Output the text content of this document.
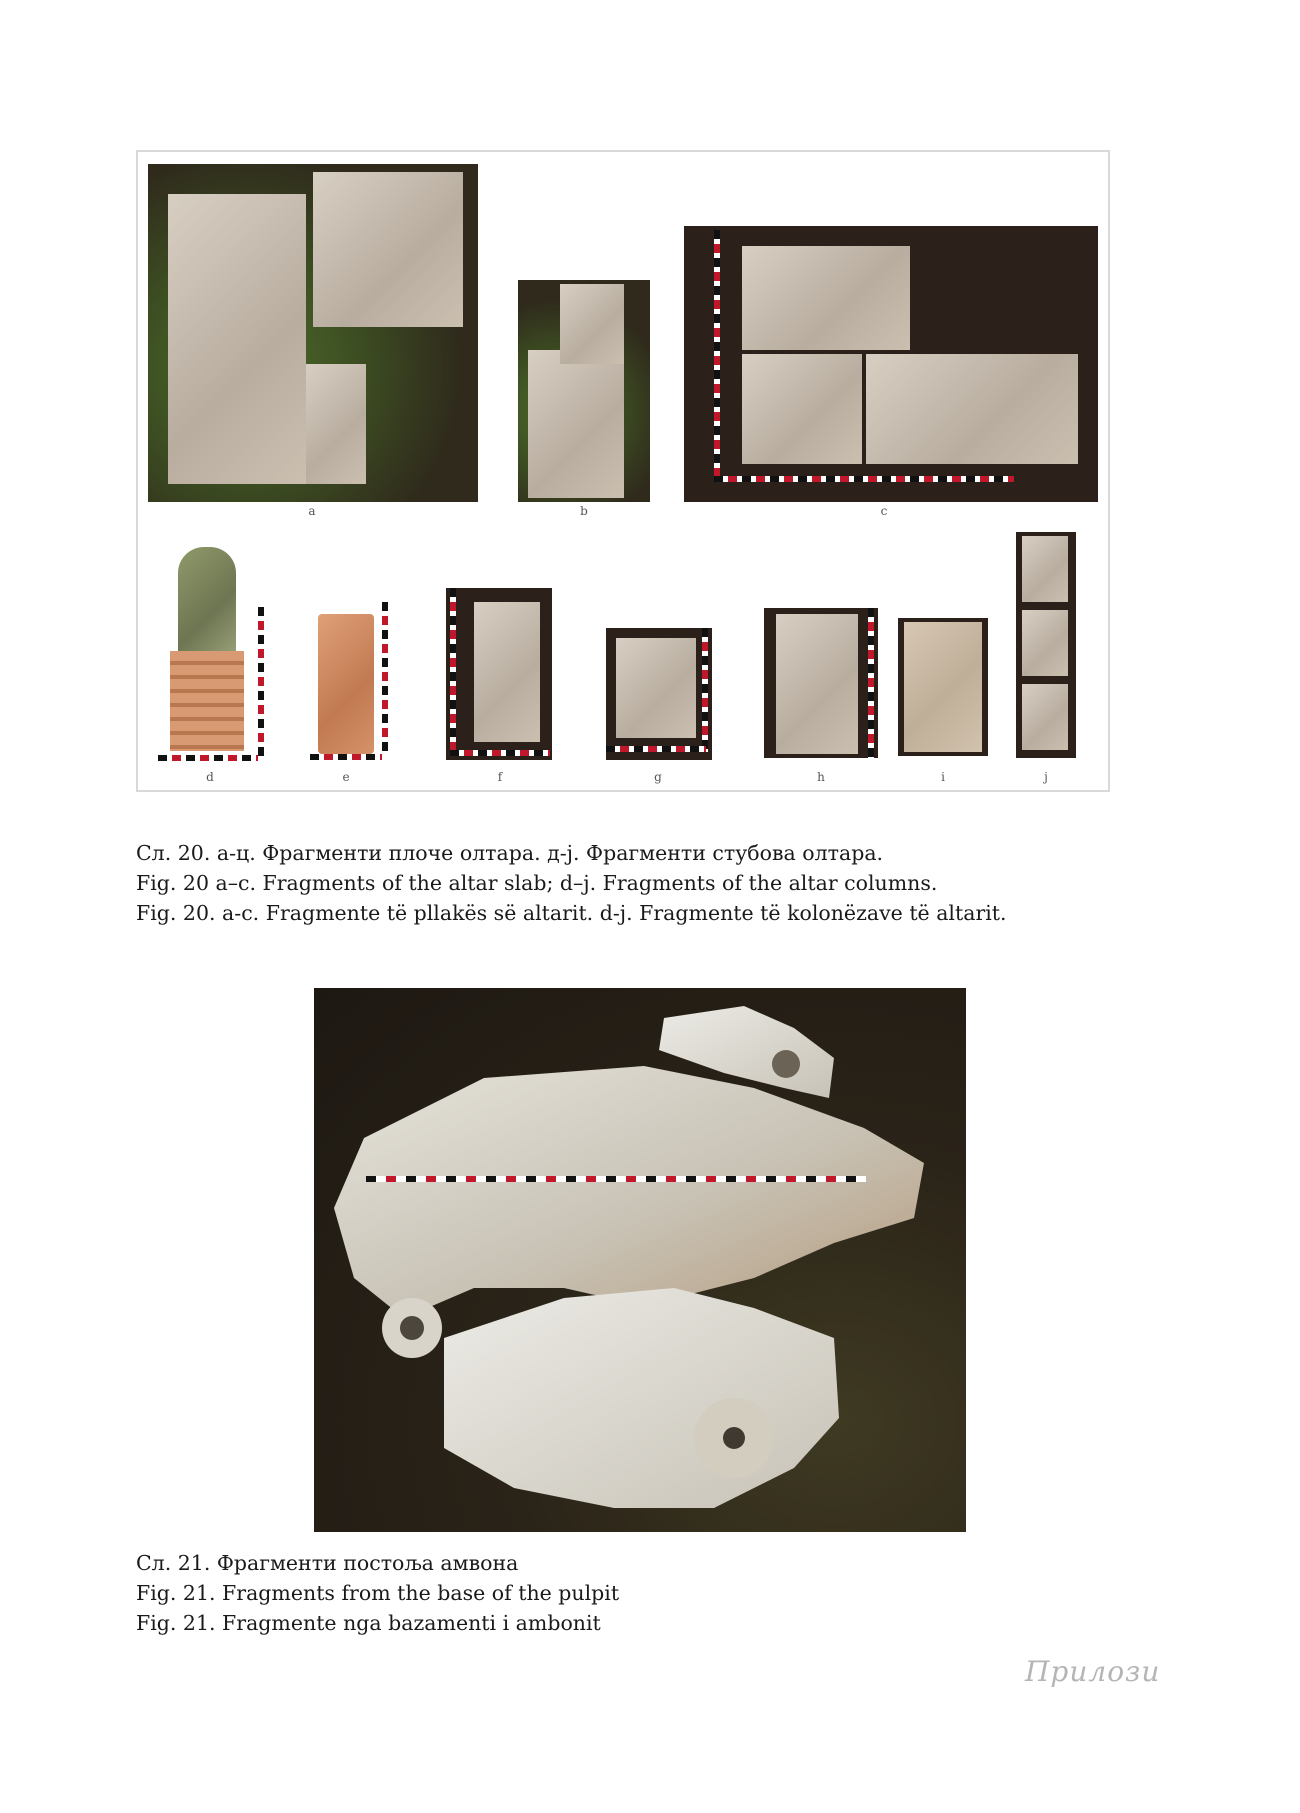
a	b	c
d	e	f	g	h	i	j
Сл. 20. а-ц. Фрагменти плоче олтара. д-ј. Фрагменти стубова олтара.
Fig. 20 a–c. Fragments of the altar slab; d–j. Fragments of the altar columns.
Fig. 20. a-c. Fragmente të pllakës së altarit. d-j. Fragmente të kolonëzave të altarit.
Сл. 21. Фрагменти постоља амвона
Fig. 21. Fragments from the base of the pulpit
Fig. 21. Fragmente nga bazamenti i ambonit
Прилози
